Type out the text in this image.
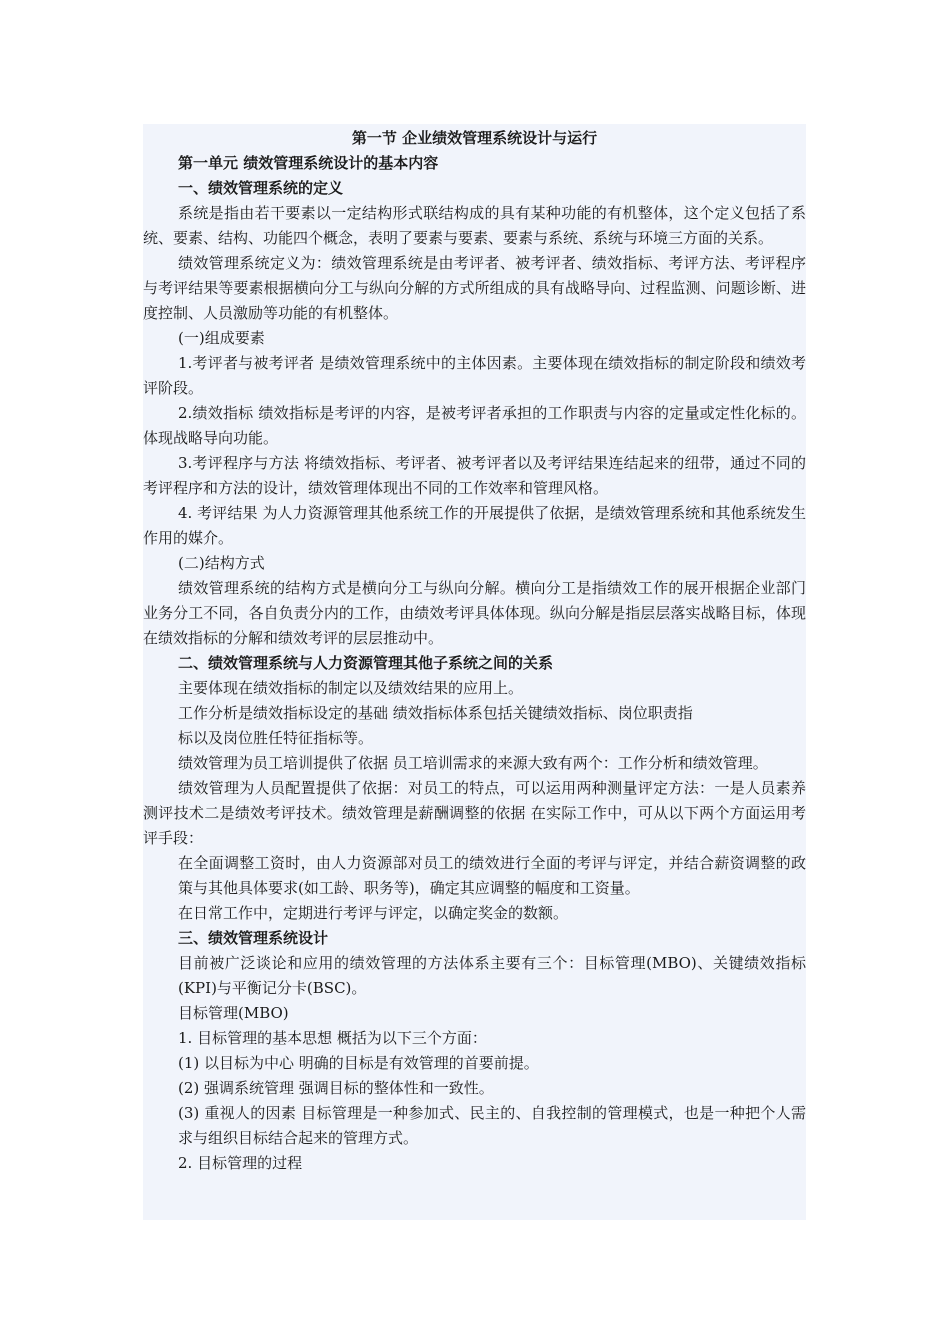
第一节 企业绩效管理系统设计与运行
第一单元 绩效管理系统设计的基本内容
一、绩效管理系统的定义

系统是指由若干要素以一定结构形式联结构成的具有某种功能的有机整体，这个定义包括了系统、要素、结构、功能四个概念，表明了要素与要素、要素与系统、系统与环境三方面的关系。

绩效管理系统定义为：绩效管理系统是由考评者、被考评者、绩效指标、考评方法、考评程序与考评结果等要素根据横向分工与纵向分解的方式所组成的具有战略导向、过程监测、问题诊断、进度控制、人员激励等功能的有机整体。

(一)组成要素

1.考评者与被考评者 是绩效管理系统中的主体因素。主要体现在绩效指标的制定阶段和绩效考评阶段。

2.绩效指标 绩效指标是考评的内容，是被考评者承担的工作职责与内容的定量或定性化标的。体现战略导向功能。

3.考评程序与方法 将绩效指标、考评者、被考评者以及考评结果连结起来的纽带，通过不同的考评程序和方法的设计，绩效管理体现出不同的工作效率和管理风格。

4. 考评结果 为人力资源管理其他系统工作的开展提供了依据，是绩效管理系统和其他系统发生作用的媒介。

(二)结构方式

绩效管理系统的结构方式是横向分工与纵向分解。横向分工是指绩效工作的展开根据企业部门业务分工不同，各自负责分内的工作，由绩效考评具体体现。纵向分解是指层层落实战略目标，体现在绩效指标的分解和绩效考评的层层推动中。

二、绩效管理系统与人力资源管理其他子系统之间的关系
主要体现在绩效指标的制定以及绩效结果的应用上。
工作分析是绩效指标设定的基础 绩效指标体系包括关键绩效指标、岗位职责指
标以及岗位胜任特征指标等。

绩效管理为员工培训提供了依据 员工培训需求的来源大致有两个：工作分析和绩效管理。

绩效管理为人员配置提供了依据：对员工的特点，可以运用两种测量评定方法：一是人员素养测评技术二是绩效考评技术。绩效管理是薪酬调整的依据 在实际工作中，可从以下两个方面运用考评手段：

在全面调整工资时，由人力资源部对员工的绩效进行全面的考评与评定，并结合薪资调整的政策与其他具体要求(如工龄、职务等)，确定其应调整的幅度和工资量。

在日常工作中，定期进行考评与评定，以确定奖金的数额。
三、绩效管理系统设计

目前被广泛谈论和应用的绩效管理的方法体系主要有三个：目标管理(MBO)、关键绩效指标(KPI)与平衡记分卡(BSC)。

目标管理(MBO)
1. 目标管理的基本思想 概括为以下三个方面：
(1) 以目标为中心 明确的目标是有效管理的首要前提。
(2) 强调系统管理 强调目标的整体性和一致性。

(3) 重视人的因素 目标管理是一种参加式、民主的、自我控制的管理模式，也是一种把个人需求与组织目标结合起来的管理方式。

2. 目标管理的过程
